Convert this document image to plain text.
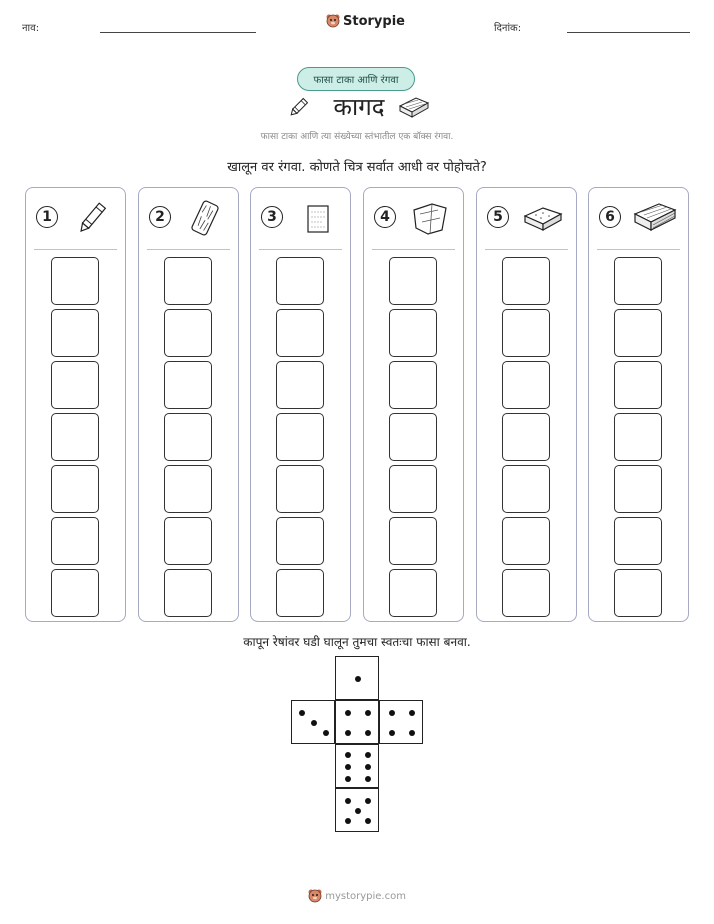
नाव:	Storypie	दिनांक:
फासा टाका आणि रंगवा
कागद
फासा टाका आणि त्या संख्येच्या स्तंभातील एक बॉक्स रंगवा.
खालून वर रंगवा. कोणते चित्र सर्वात आधी वर पोहोचते?
1	2	3	4	5	6
कापून रेषांवर घडी घालून तुमचा स्वतःचा फासा बनवा.
mystorypie.com
